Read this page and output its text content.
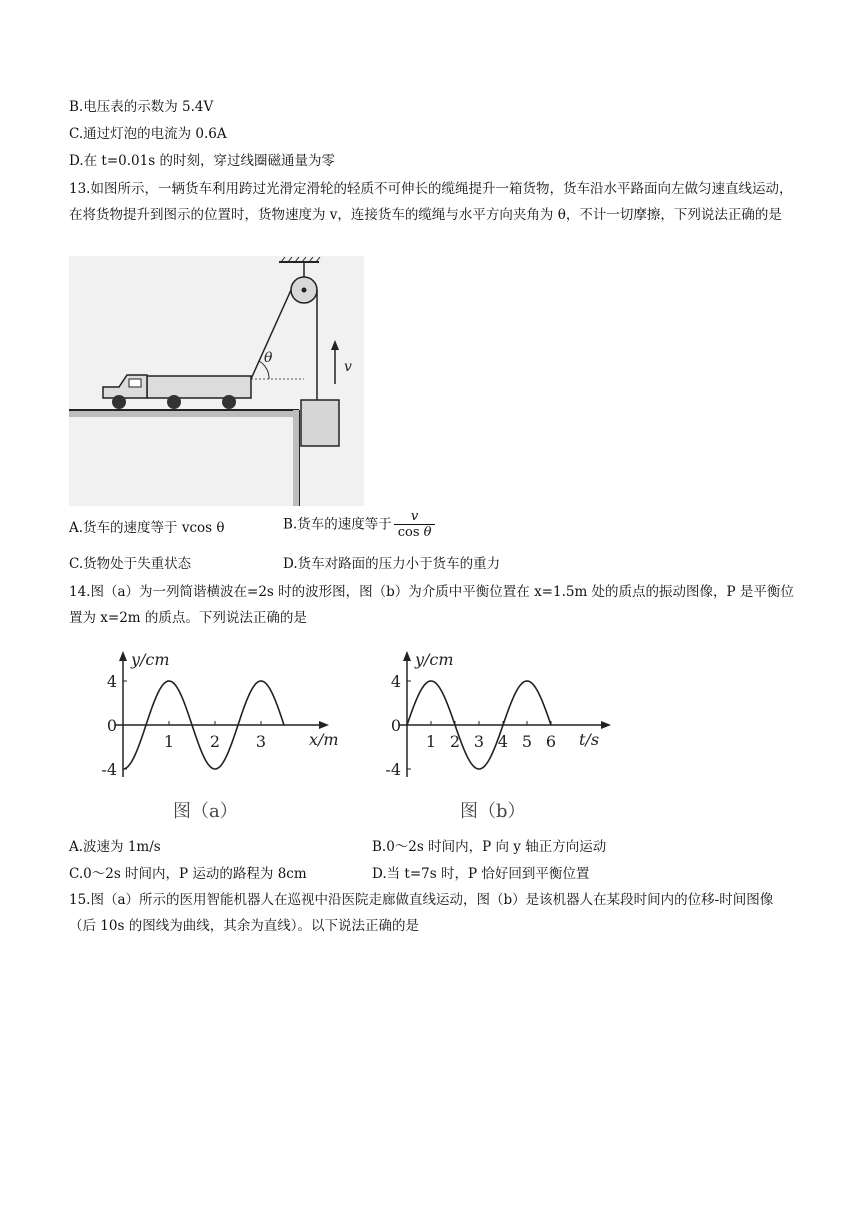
B.电压表的示数为 5.4V
C.通过灯泡的电流为 0.6A
D.在 t=0.01s 的时刻，穿过线圈磁通量为零
13.如图所示，一辆货车利用跨过光滑定滑轮的轻质不可伸长的缆绳提升一箱货物，货车沿水平路面向左做匀速直线运动，在将货物提升到图示的位置时，货物速度为 v，连接货车的缆绳与水平方向夹角为 θ，不计一切摩擦，下列说法正确的是
θ
v
A.货车的速度等于 vcos θ	B.货车的速度等于 $\frac{v}{\text{cos θ}}$
C.货物处于失重状态	D.货车对路面的压力小于货车的重力
14.图（a）为一列简谐横波在=2s 时的波形图，图（b）为介质中平衡位置在 x=1.5m 处的质点的振动图像，P 是平衡位置为 x=2m 的质点。下列说法正确的是
y/cm
x/m
4
0
-4
1 2 3
图（a）
y/cm
t/s
4
0
-4
1 2 3 4 5 6
图（b）
A.波速为 1m/s	B.0～2s 时间内，P 向 y 轴正方向运动
C.0～2s 时间内，P 运动的路程为 8cm	D.当 t=7s 时，P 恰好回到平衡位置
15.图（a）所示的医用智能机器人在巡视中沿医院走廊做直线运动，图（b）是该机器人在某段时间内的位移-时间图像（后 10s 的图线为曲线，其余为直线）。以下说法正确的是
